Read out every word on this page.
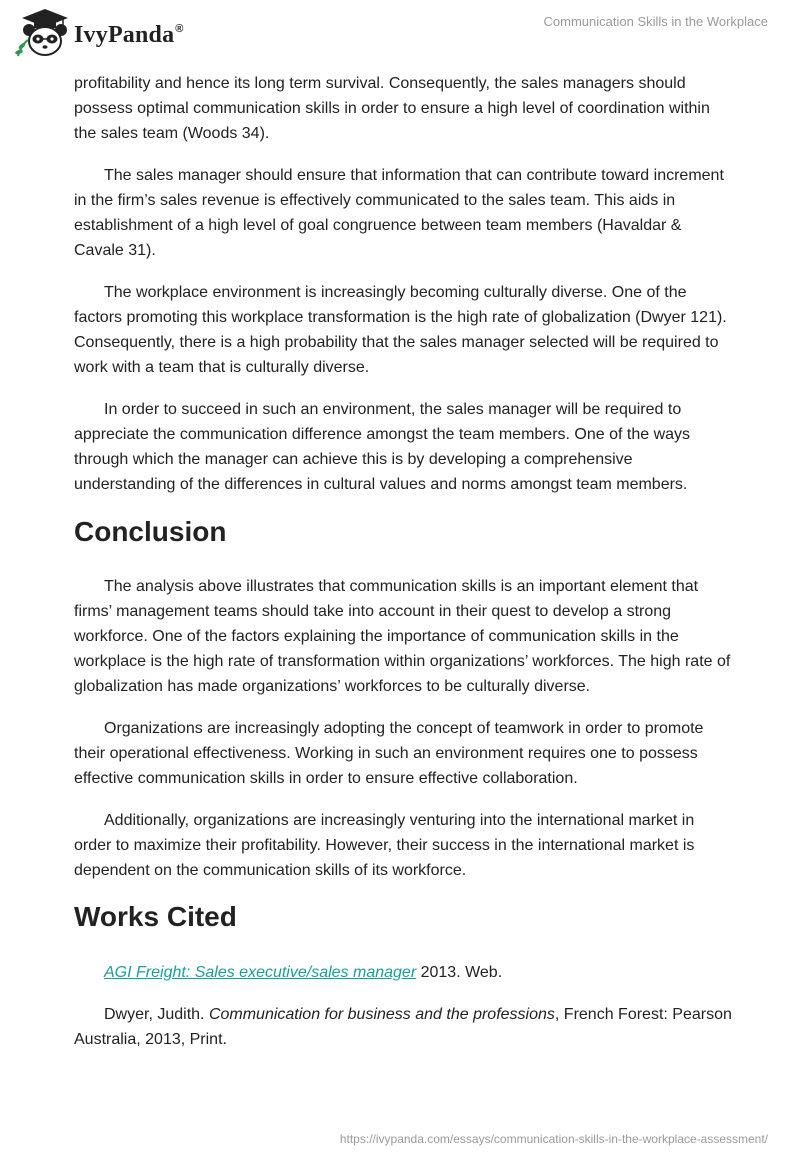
IvyPanda®	Communication Skills in the Workplace

profitability and hence its long term survival. Consequently, the sales managers should possess optimal communication skills in order to ensure a high level of coordination within the sales team (Woods 34).

The sales manager should ensure that information that can contribute toward increment in the firm’s sales revenue is effectively communicated to the sales team. This aids in establishment of a high level of goal congruence between team members (Havaldar & Cavale 31).

The workplace environment is increasingly becoming culturally diverse. One of the factors promoting this workplace transformation is the high rate of globalization (Dwyer 121). Consequently, there is a high probability that the sales manager selected will be required to work with a team that is culturally diverse.

In order to succeed in such an environment, the sales manager will be required to appreciate the communication difference amongst the team members. One of the ways through which the manager can achieve this is by developing a comprehensive understanding of the differences in cultural values and norms amongst team members.

Conclusion

The analysis above illustrates that communication skills is an important element that firms’ management teams should take into account in their quest to develop a strong workforce. One of the factors explaining the importance of communication skills in the workplace is the high rate of transformation within organizations’ workforces. The high rate of globalization has made organizations’ workforces to be culturally diverse.

Organizations are increasingly adopting the concept of teamwork in order to promote their operational effectiveness. Working in such an environment requires one to possess effective communication skills in order to ensure effective collaboration.

Additionally, organizations are increasingly venturing into the international market in order to maximize their profitability. However, their success in the international market is dependent on the communication skills of its workforce.

Works Cited

AGI Freight: Sales executive/sales manager 2013. Web.

Dwyer, Judith. Communication for business and the professions, French Forest: Pearson Australia, 2013, Print.

https://ivypanda.com/essays/communication-skills-in-the-workplace-assessment/
